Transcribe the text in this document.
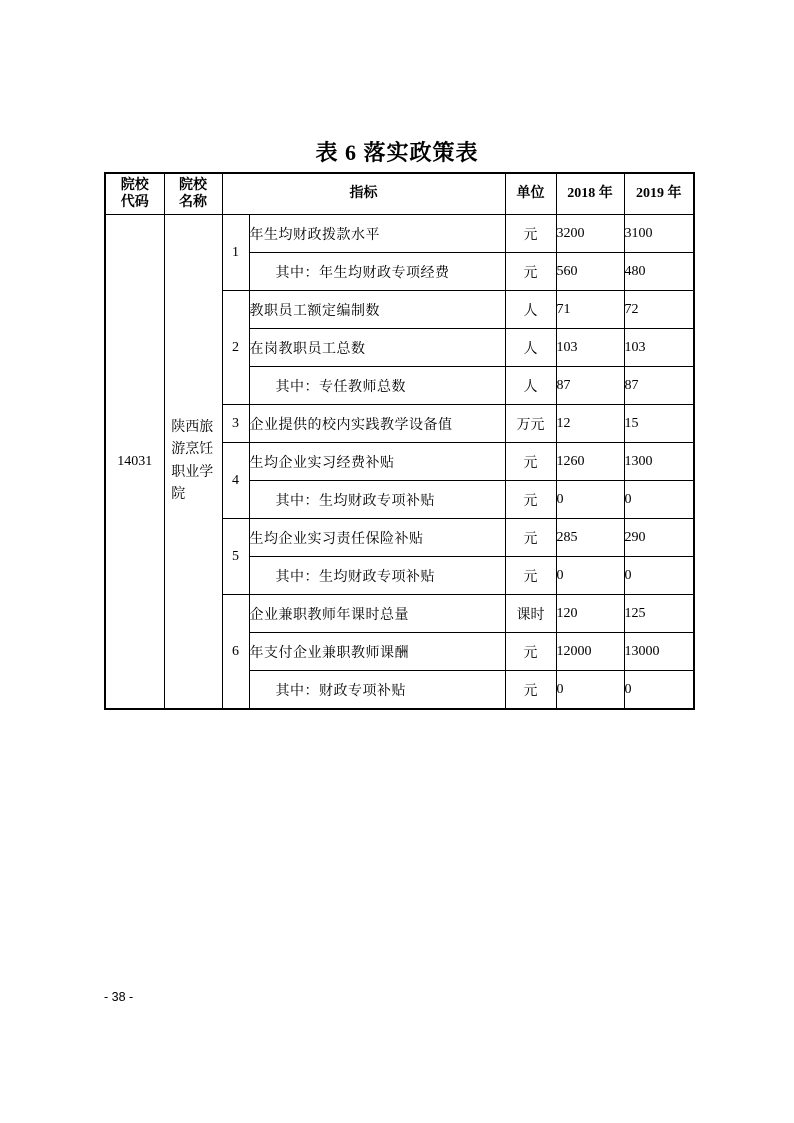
表 6 落实政策表
院校代码	院校名称	指标		单位	2018 年	2019 年
14031	陕西旅游烹饪职业学院	1	年生均财政拨款水平	元	3200	3100
			其中：年生均财政专项经费	元	560	480
		2	教职员工额定编制数	人	71	72
			在岗教职员工总数	人	103	103
			其中：专任教师总数	人	87	87
		3	企业提供的校内实践教学设备值	万元	12	15
		4	生均企业实习经费补贴	元	1260	1300
			其中：生均财政专项补贴	元	0	0
		5	生均企业实习责任保险补贴	元	285	290
			其中：生均财政专项补贴	元	0	0
		6	企业兼职教师年课时总量	课时	120	125
			年支付企业兼职教师课酬	元	12000	13000
			其中：财政专项补贴	元	0	0
- 38 -
